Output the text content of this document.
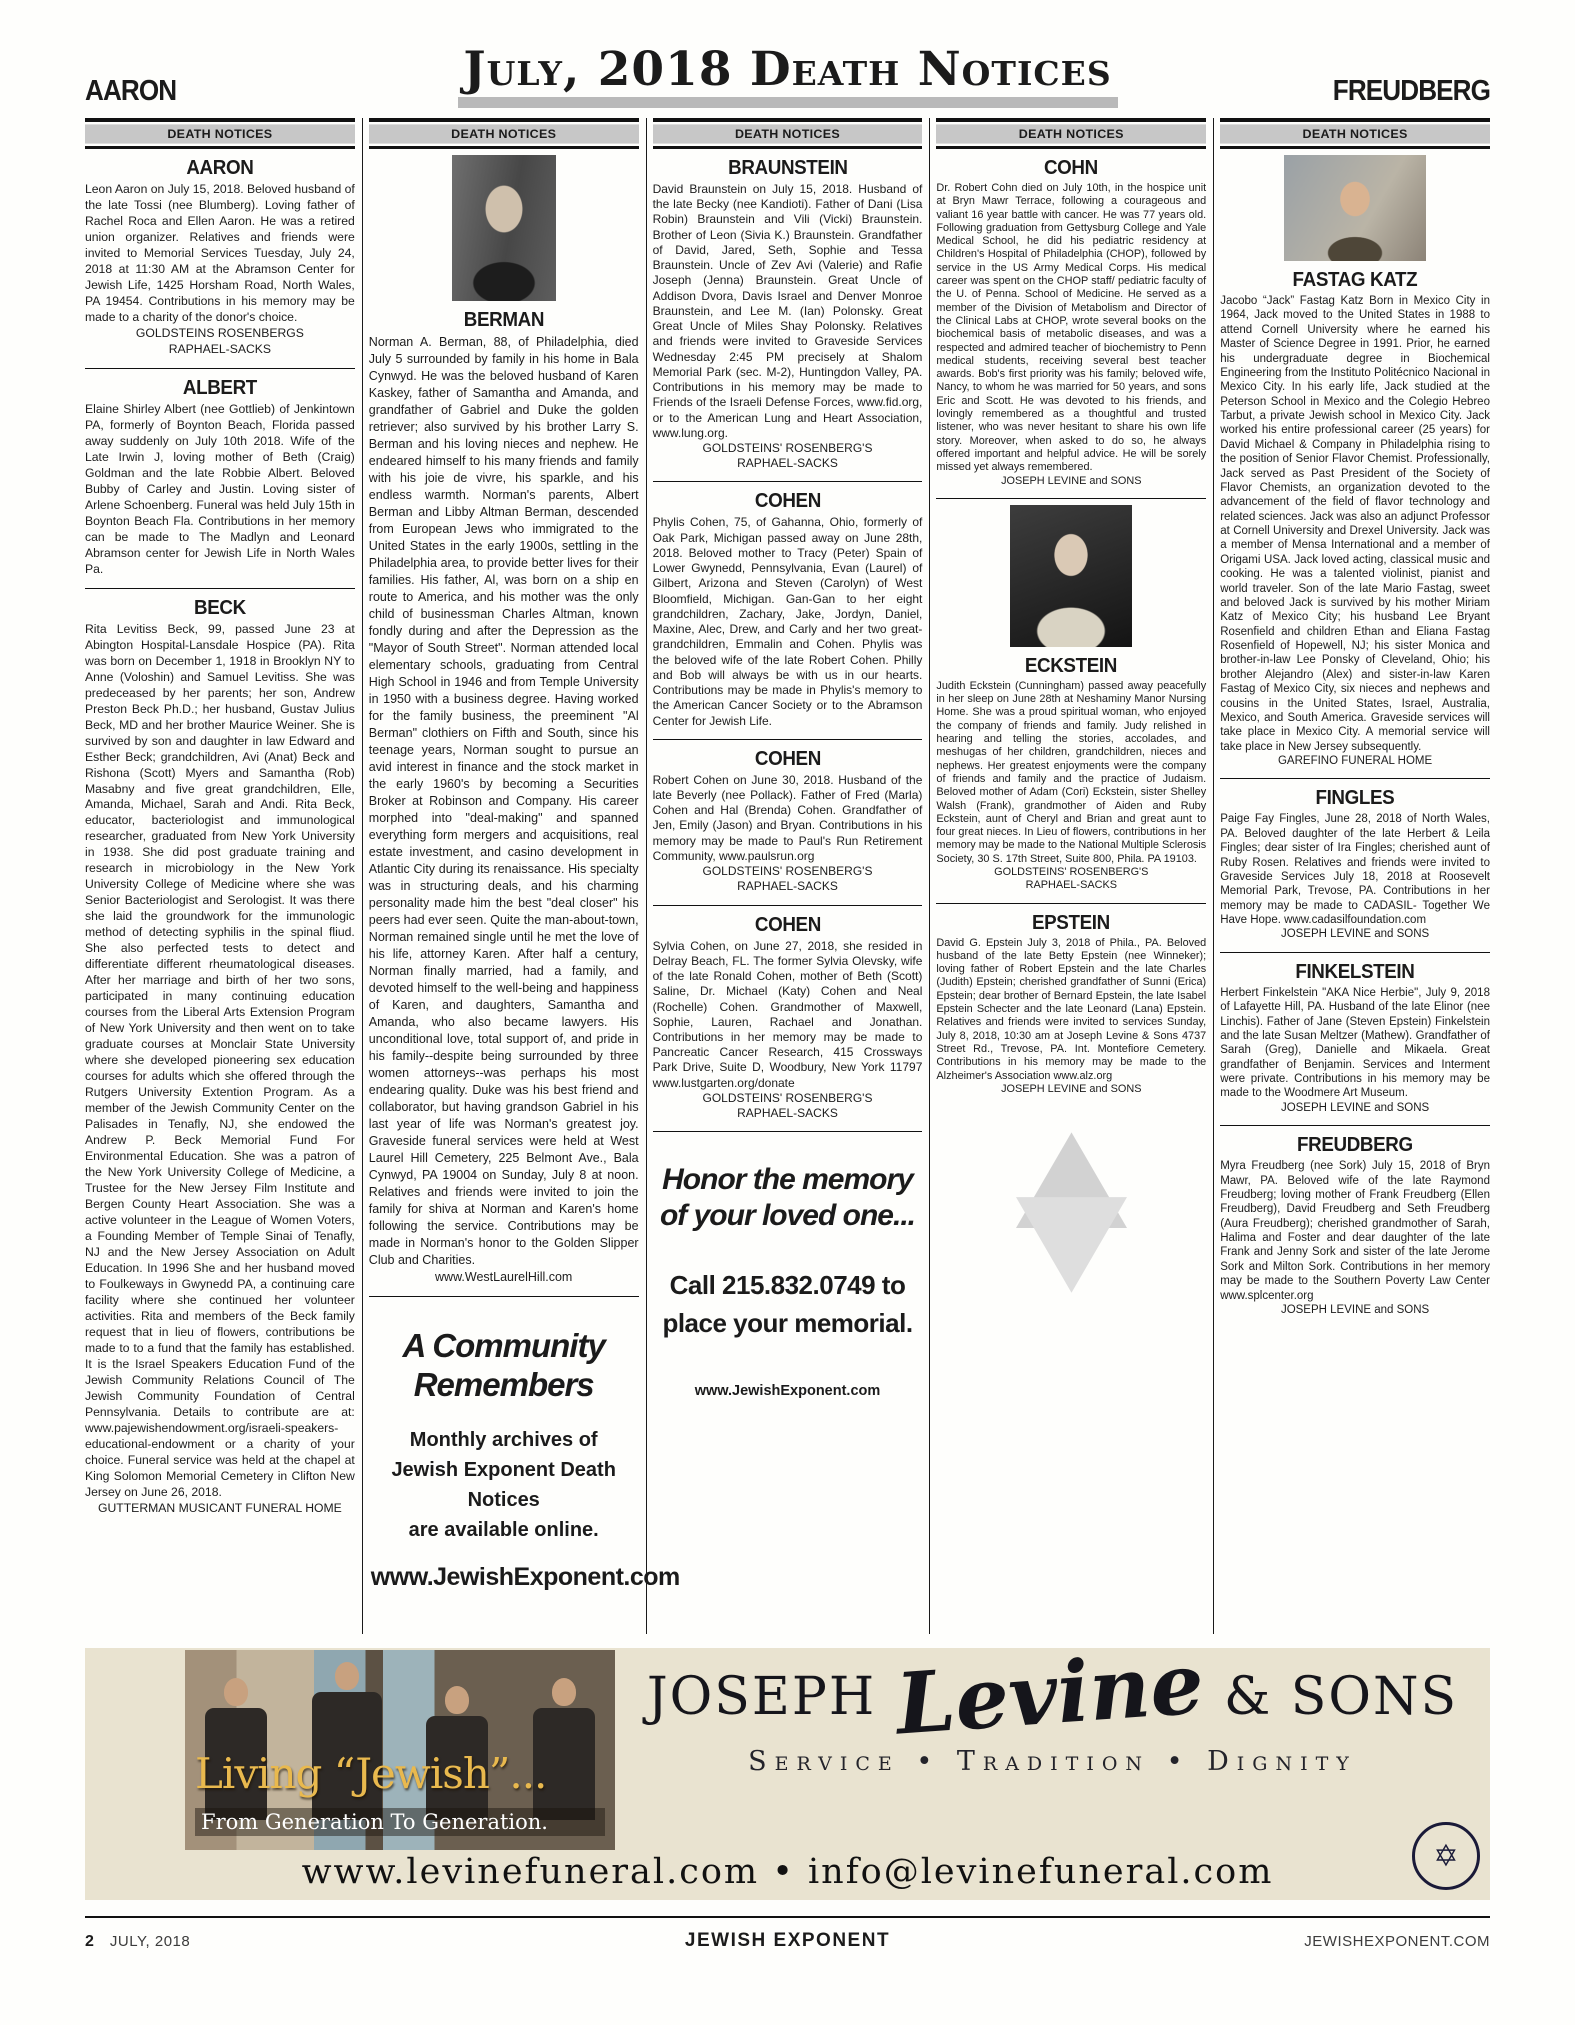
AARON	July, 2018 Death Notices	FREUDBERG
DEATH NOTICES
AARON
Leon Aaron on July 15, 2018. Beloved husband of the late Tossi (nee Blumberg). Loving father of Rachel Roca and Ellen Aaron. He was a retired union organizer. Relatives and friends were invited to Memorial Services Tuesday, July 24, 2018 at 11:30 AM at the Abramson Center for Jewish Life, 1425 Horsham Road, North Wales, PA 19454. Contributions in his memory may be made to a charity of the donor's choice.
GOLDSTEINS ROSENBERGS
RAPHAEL-SACKS
ALBERT
Elaine Shirley Albert (nee Gottlieb) of Jenkintown PA, formerly of Boynton Beach, Florida passed away suddenly on July 10th 2018. Wife of the Late Irwin J, loving mother of Beth (Craig) Goldman and the late Robbie Albert. Beloved Bubby of Carley and Justin. Loving sister of Arlene Schoenberg. Funeral was held July 15th in Boynton Beach Fla. Contributions in her memory can be made to The Madlyn and Leonard Abramson center for Jewish Life in North Wales Pa.
BECK
Rita Levitiss Beck, 99, passed June 23 at Abington Hospital-Lansdale Hospice (PA). Rita was born on December 1, 1918 in Brooklyn NY to Anne (Voloshin) and Samuel Levitiss. She was predeceased by her parents; her son, Andrew Preston Beck Ph.D.; her husband, Gustav Julius Beck, MD and her brother Maurice Weiner. She is survived by son and daughter in law Edward and Esther Beck; grandchildren, Avi (Anat) Beck and Rishona (Scott) Myers and Samantha (Rob) Masabny and five great grandchildren, Elle, Amanda, Michael, Sarah and Andi. Rita Beck, educator, bacteriologist and immunological researcher, graduated from New York University in 1938. She did post graduate training and research in microbiology in the New York University College of Medicine where she was Senior Bacteriologist and Serologist. It was there she laid the groundwork for the immunologic method of detecting syphilis in the spinal fliud. She also perfected tests to detect and differentiate different rheumatological diseases. After her marriage and birth of her two sons, participated in many continuing education courses from the Liberal Arts Extension Program of New York University and then went on to take graduate courses at Monclair State University where she developed pioneering sex education courses for adults which she offered through the Rutgers University Extention Program. As a member of the Jewish Community Center on the Palisades in Tenafly, NJ, she endowed the Andrew P. Beck Memorial Fund For Environmental Education. She was a patron of the New York University College of Medicine, a Trustee for the New Jersey Film Institute and Bergen County Heart Association. She was a active volunteer in the League of Women Voters, a Founding Member of Temple Sinai of Tenafly, NJ and the New Jersey Association on Adult Education. In 1996 She and her husband moved to Foulkeways in Gwynedd PA, a continuing care facility where she continued her volunteer activities. Rita and members of the Beck family request that in lieu of flowers, contributions be made to to a fund that the family has established. It is the Israel Speakers Education Fund of the Jewish Community Relations Council of The Jewish Community Foundation of Central Pennsylvania. Details to contribute are at: www.pajewishendowment.org/israeli-speakers-educational-endowment or a charity of your choice. Funeral service was held at the chapel at King Solomon Memorial Cemetery in Clifton New Jersey on June 26, 2018.
GUTTERMAN MUSICANT FUNERAL HOME
DEATH NOTICES
BERMAN
Norman A. Berman, 88, of Philadelphia, died July 5 surrounded by family in his home in Bala Cynwyd. He was the beloved husband of Karen Kaskey, father of Samantha and Amanda, and grandfather of Gabriel and Duke the golden retriever; also survived by his brother Larry S. Berman and his loving nieces and nephew. He endeared himself to his many friends and family with his joie de vivre, his sparkle, and his endless warmth. Norman's parents, Albert Berman and Libby Altman Berman, descended from European Jews who immigrated to the United States in the early 1900s, settling in the Philadelphia area, to provide better lives for their families. His father, Al, was born on a ship en route to America, and his mother was the only child of businessman Charles Altman, known fondly during and after the Depression as the "Mayor of South Street". Norman attended local elementary schools, graduating from Central High School in 1946 and from Temple University in 1950 with a business degree. Having worked for the family business, the preeminent "Al Berman" clothiers on Fifth and South, since his teenage years, Norman sought to pursue an avid interest in finance and the stock market in the early 1960's by becoming a Securities Broker at Robinson and Company. His career morphed into "deal-making" and spanned everything form mergers and acquisitions, real estate investment, and casino development in Atlantic City during its renaissance. His specialty was in structuring deals, and his charming personality made him the best "deal closer" his peers had ever seen. Quite the man-about-town, Norman remained single until he met the love of his life, attorney Karen. After half a century, Norman finally married, had a family, and devoted himself to the well-being and happiness of Karen, and daughters, Samantha and Amanda, who also became lawyers. His unconditional love, total support of, and pride in his family--despite being surrounded by three women attorneys--was perhaps his most endearing quality. Duke was his best friend and collaborator, but having grandson Gabriel in his last year of life was Norman's greatest joy. Graveside funeral services were held at West Laurel Hill Cemetery, 225 Belmont Ave., Bala Cynwyd, PA 19004 on Sunday, July 8 at noon. Relatives and friends were invited to join the family for shiva at Norman and Karen's home following the service. Contributions may be made in Norman's honor to the Golden Slipper Club and Charities.
www.WestLaurelHill.com
A Community
Remembers
Monthly archives of
Jewish Exponent Death Notices
are available online.
www.JewishExponent.com
DEATH NOTICES
BRAUNSTEIN
David Braunstein on July 15, 2018. Husband of the late Becky (nee Kandioti). Father of Dani (Lisa Robin) Braunstein and Vili (Vicki) Braunstein. Brother of Leon (Sivia K.) Braunstein. Grandfather of David, Jared, Seth, Sophie and Tessa Braunstein. Uncle of Zev Avi (Valerie) and Rafie Joseph (Jenna) Braunstein. Great Uncle of Addison Dvora, Davis Israel and Denver Monroe Braunstein, and Lee M. (Ian) Polonsky. Great Great Uncle of Miles Shay Polonsky. Relatives and friends were invited to Graveside Services Wednesday 2:45 PM precisely at Shalom Memorial Park (sec. M-2), Huntingdon Valley, PA. Contributions in his memory may be made to Friends of the Israeli Defense Forces, www.fid.org, or to the American Lung and Heart Association, www.lung.org.
GOLDSTEINS' ROSENBERG'S
RAPHAEL-SACKS
COHEN
Phylis Cohen, 75, of Gahanna, Ohio, formerly of Oak Park, Michigan passed away on June 28th, 2018. Beloved mother to Tracy (Peter) Spain of Lower Gwynedd, Pennsylvania, Evan (Laurel) of Gilbert, Arizona and Steven (Carolyn) of West Bloomfield, Michigan. Gan-Gan to her eight grandchildren, Zachary, Jake, Jordyn, Daniel, Maxine, Alec, Drew, and Carly and her two great-grandchildren, Emmalin and Cohen. Phylis was the beloved wife of the late Robert Cohen. Philly and Bob will always be with us in our hearts. Contributions may be made in Phylis's memory to the American Cancer Society or to the Abramson Center for Jewish Life.
COHEN
Robert Cohen on June 30, 2018. Husband of the late Beverly (nee Pollack). Father of Fred (Marla) Cohen and Hal (Brenda) Cohen. Grandfather of Jen, Emily (Jason) and Bryan. Contributions in his memory may be made to Paul's Run Retirement Community, www.paulsrun.org
GOLDSTEINS' ROSENBERG'S
RAPHAEL-SACKS
COHEN
Sylvia Cohen, on June 27, 2018, she resided in Delray Beach, FL. The former Sylvia Olevsky, wife of the late Ronald Cohen, mother of Beth (Scott) Saline, Dr. Michael (Katy) Cohen and Neal (Rochelle) Cohen. Grandmother of Maxwell, Sophie, Lauren, Rachael and Jonathan. Contributions in her memory may be made to Pancreatic Cancer Research, 415 Crossways Park Drive, Suite D, Woodbury, New York 11797 www.lustgarten.org/donate
GOLDSTEINS' ROSENBERG'S
RAPHAEL-SACKS
Honor the memory
of your loved one...
Call 215.832.0749 to
place your memorial.
www.JewishExponent.com
DEATH NOTICES
COHN
Dr. Robert Cohn died on July 10th, in the hospice unit at Bryn Mawr Terrace, following a courageous and valiant 16 year battle with cancer. He was 77 years old. Following graduation from Gettysburg College and Yale Medical School, he did his pediatric residency at Children's Hospital of Philadelphia (CHOP), followed by service in the US Army Medical Corps. His medical career was spent on the CHOP staff/ pediatric faculty of the U. of Penna. School of Medicine. He served as a member of the Division of Metabolism and Director of the Clinical Labs at CHOP, wrote several books on the biochemical basis of metabolic diseases, and was a respected and admired teacher of biochemistry to Penn medical students, receiving several best teacher awards. Bob's first priority was his family; beloved wife, Nancy, to whom he was married for 50 years, and sons Eric and Scott. He was devoted to his friends, and lovingly remembered as a thoughtful and trusted listener, who was never hesitant to share his own life story. Moreover, when asked to do so, he always offered important and helpful advice. He will be sorely missed yet always remembered.
JOSEPH LEVINE and SONS
ECKSTEIN
Judith Eckstein (Cunningham) passed away peacefully in her sleep on June 28th at Neshaminy Manor Nursing Home. She was a proud spiritual woman, who enjoyed the company of friends and family. Judy relished in hearing and telling the stories, accolades, and meshugas of her children, grandchildren, nieces and nephews. Her greatest enjoyments were the company of friends and family and the practice of Judaism. Beloved mother of Adam (Cori) Eckstein, sister Shelley Walsh (Frank), grandmother of Aiden and Ruby Eckstein, aunt of Cheryl and Brian and great aunt to four great nieces. In Lieu of flowers, contributions in her memory may be made to the National Multiple Sclerosis Society, 30 S. 17th Street, Suite 800, Phila. PA 19103.
GOLDSTEINS' ROSENBERG'S
RAPHAEL-SACKS
EPSTEIN
David G. Epstein July 3, 2018 of Phila., PA. Beloved husband of the late Betty Epstein (nee Winneker); loving father of Robert Epstein and the late Charles (Judith) Epstein; cherished grandfather of Sunni (Erica) Epstein; dear brother of Bernard Epstein, the late Isabel Epstein Schecter and the late Leonard (Lana) Epstein. Relatives and friends were invited to services Sunday, July 8, 2018, 10:30 am at Joseph Levine & Sons 4737 Street Rd., Trevose, PA. Int. Montefiore Cemetery. Contributions in his memory may be made to the Alzheimer's Association www.alz.org
JOSEPH LEVINE and SONS
DEATH NOTICES
FASTAG KATZ
Jacobo “Jack” Fastag Katz Born in Mexico City in 1964, Jack moved to the United States in 1988 to attend Cornell University where he earned his Master of Science Degree in 1991. Prior, he earned his undergraduate degree in Biochemical Engineering from the Instituto Politécnico Nacional in Mexico City. In his early life, Jack studied at the Peterson School in Mexico and the Colegio Hebreo Tarbut, a private Jewish school in Mexico City. Jack worked his entire professional career (25 years) for David Michael & Company in Philadelphia rising to the position of Senior Flavor Chemist. Professionally, Jack served as Past President of the Society of Flavor Chemists, an organization devoted to the advancement of the field of flavor technology and related sciences. Jack was also an adjunct Professor at Cornell University and Drexel University. Jack was a member of Mensa International and a member of Origami USA. Jack loved acting, classical music and cooking. He was a talented violinist, pianist and world traveler. Son of the late Mario Fastag, sweet and beloved Jack is survived by his mother Miriam Katz of Mexico City; his husband Lee Bryant Rosenfield and children Ethan and Eliana Fastag Rosenfield of Hopewell, NJ; his sister Monica and brother-in-law Lee Ponsky of Cleveland, Ohio; his brother Alejandro (Alex) and sister-in-law Karen Fastag of Mexico City, six nieces and nephews and cousins in the United States, Israel, Australia, Mexico, and South America. Graveside services will take place in Mexico City. A memorial service will take place in New Jersey subsequently.
GAREFINO FUNERAL HOME
FINGLES
Paige Fay Fingles, June 28, 2018 of North Wales, PA. Beloved daughter of the late Herbert & Leila Fingles; dear sister of Ira Fingles; cherished aunt of Ruby Rosen. Relatives and friends were invited to Graveside Services July 18, 2018 at Roosevelt Memorial Park, Trevose, PA. Contributions in her memory may be made to CADASIL- Together We Have Hope. www.cadasilfoundation.com
JOSEPH LEVINE and SONS
FINKELSTEIN
Herbert Finkelstein "AKA Nice Herbie", July 9, 2018 of Lafayette Hill, PA. Husband of the late Elinor (nee Linchis). Father of Jane (Steven Epstein) Finkelstein and the late Susan Meltzer (Mathew). Grandfather of Sarah (Greg), Danielle and Mikaela. Great grandfather of Benjamin. Services and Interment were private. Contributions in his memory may be made to the Woodmere Art Museum.
JOSEPH LEVINE and SONS
FREUDBERG
Myra Freudberg (nee Sork) July 15, 2018 of Bryn Mawr, PA. Beloved wife of the late Raymond Freudberg; loving mother of Frank Freudberg (Ellen Freudberg), David Freudberg and Seth Freudberg (Aura Freudberg); cherished grandmother of Sarah, Halima and Foster and dear daughter of the late Frank and Jenny Sork and sister of the late Jerome Sork and Milton Sork. Contributions in her memory may be made to the Southern Poverty Law Center www.splcenter.org
JOSEPH LEVINE and SONS
Living “Jewish”...
From Generation To Generation.
JOSEPH Levine & SONS
Service • Tradition • Dignity
www.levinefuneral.com • info@levinefuneral.com	✡
2 JULY, 2018	JEWISH EXPONENT	JEWISHEXPONENT.COM
